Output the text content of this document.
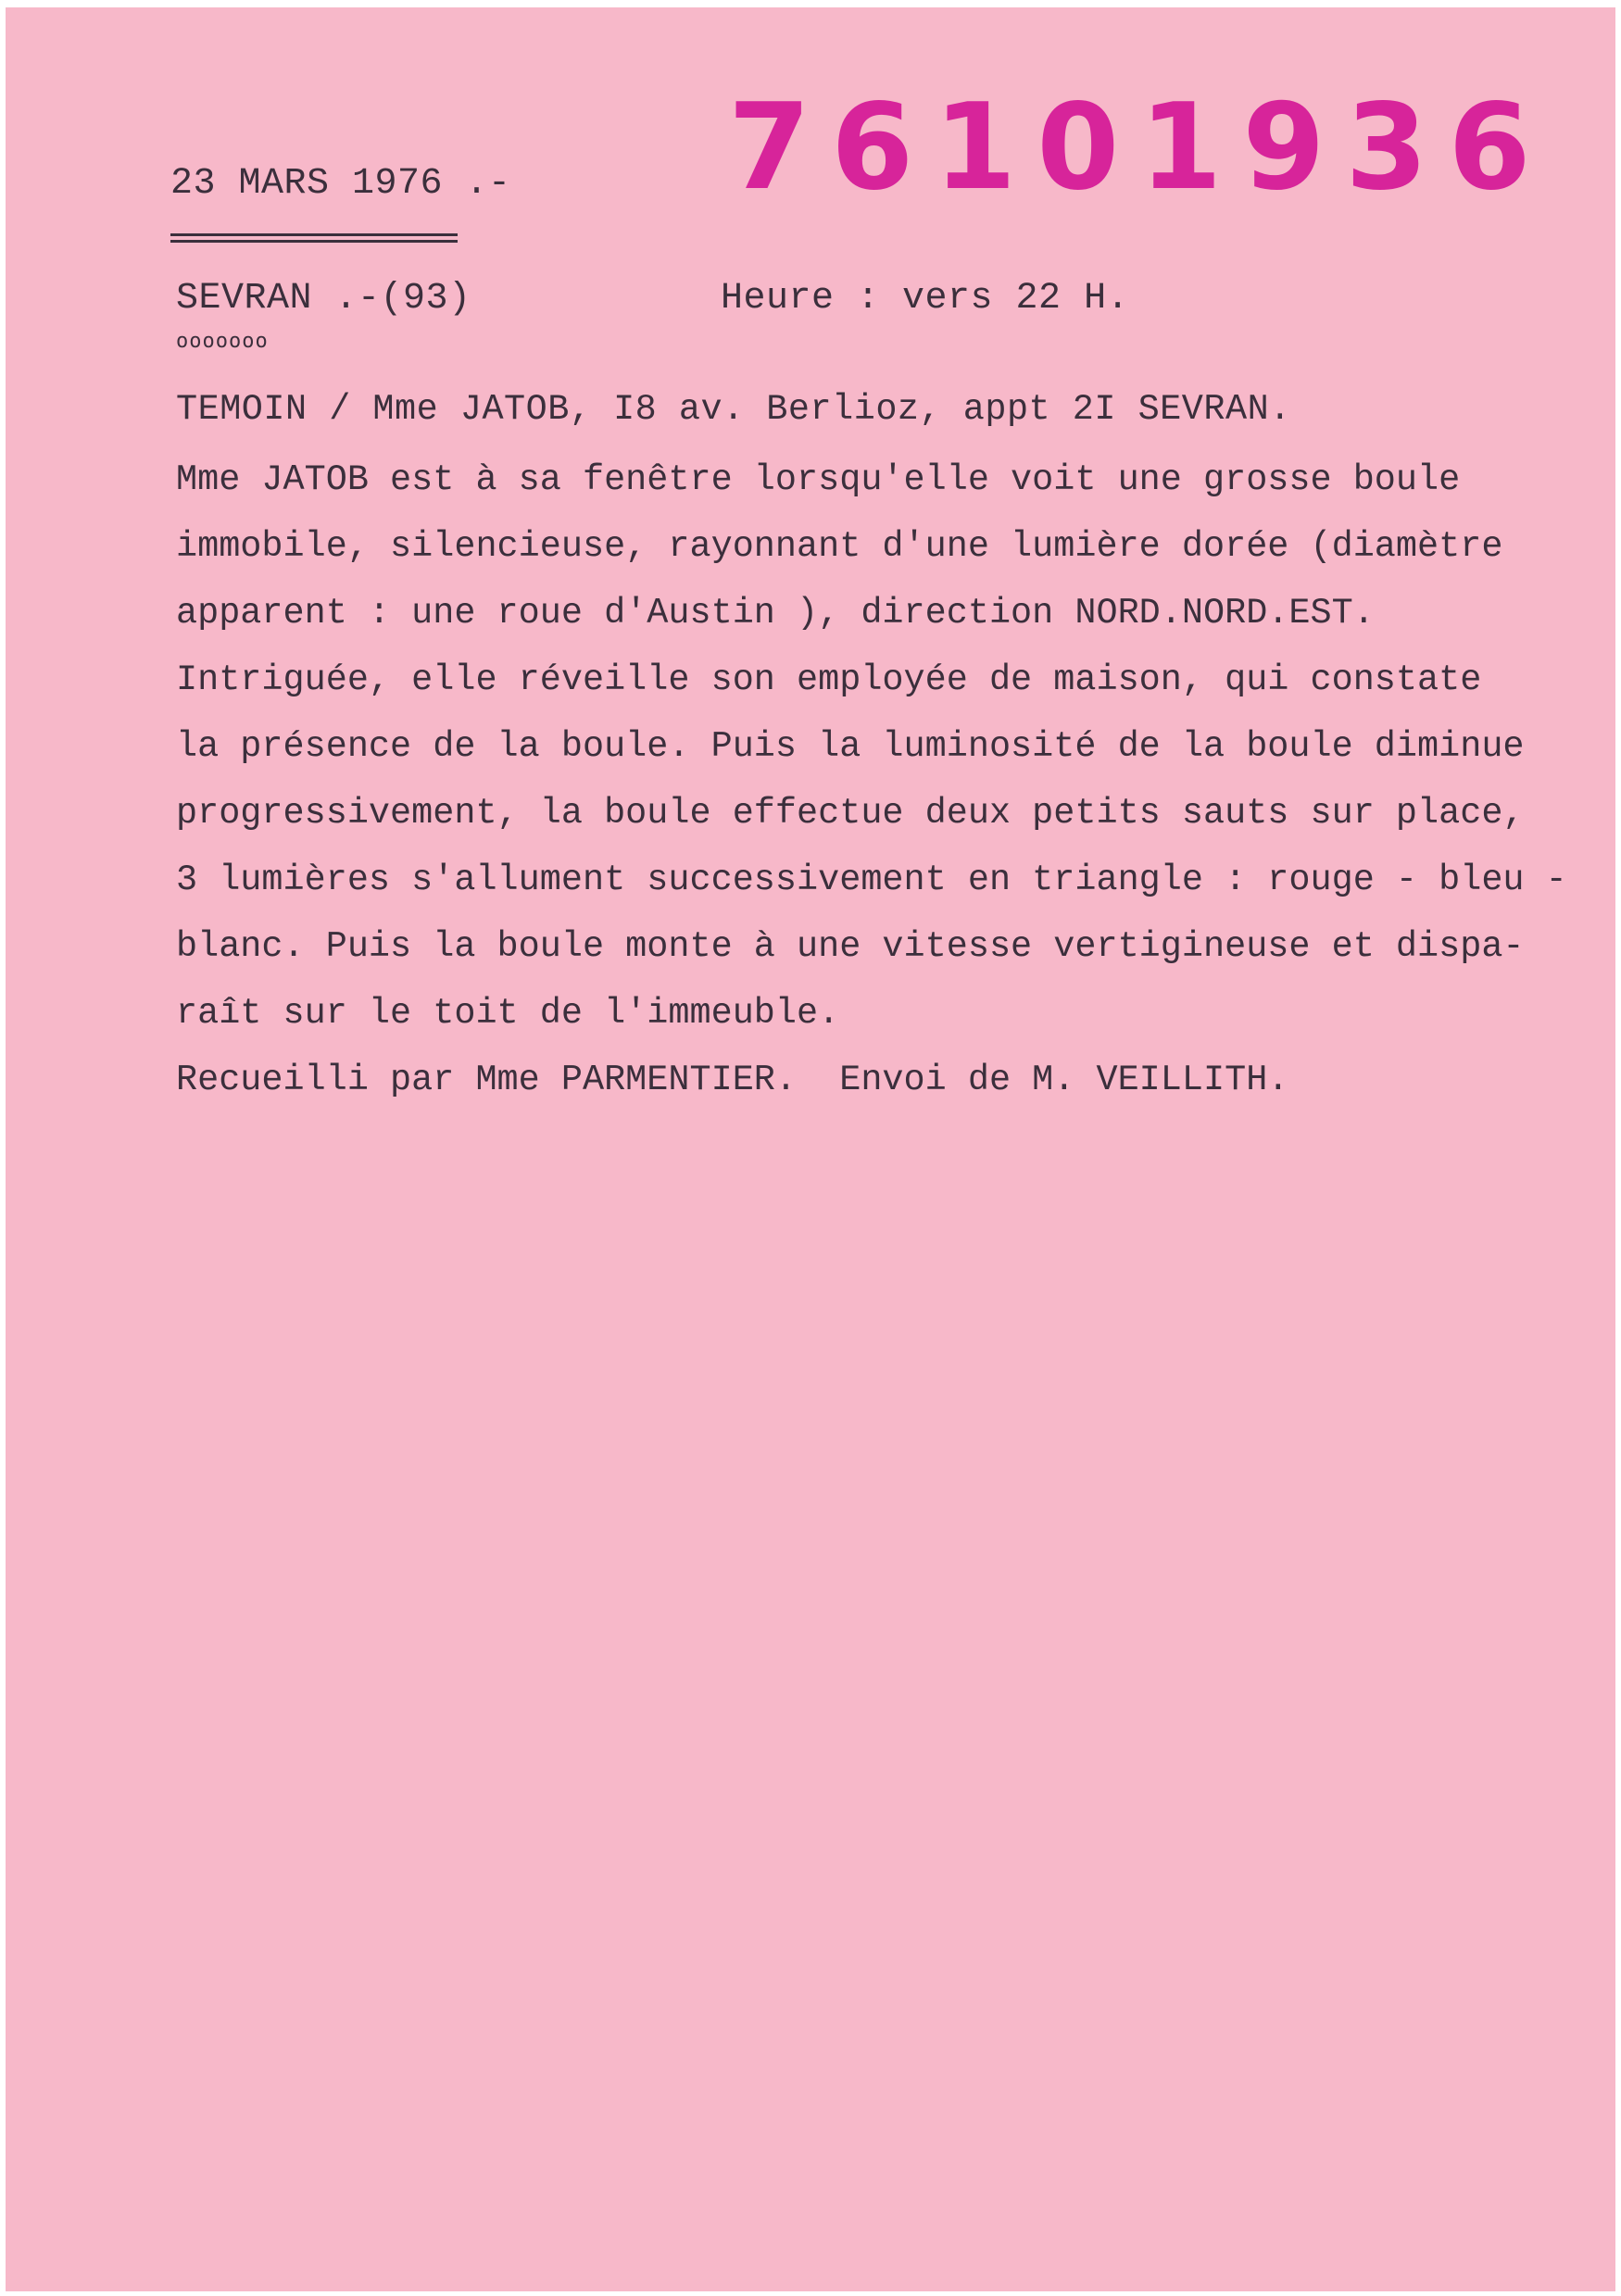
23 MARS 1976 .- 76101936
SEVRAN .-(93)
ooooooo
Heure : vers 22 H.
TEMOIN / Mme JATOB, I8 av. Berlioz, appt 2I SEVRAN.
Mme JATOB est à sa fenêtre lorsqu'elle voit une grosse boule
immobile, silencieuse, rayonnant d'une lumière dorée (diamètre
apparent : une roue d'Austin ), direction NORD.NORD.EST.
Intriguée, elle réveille son employée de maison, qui constate
la présence de la boule. Puis la luminosité de la boule diminue
progressivement, la boule effectue deux petits sauts sur place,
3 lumières s'allument successivement en triangle : rouge - bleu -
blanc. Puis la boule monte à une vitesse vertigineuse et dispa-
raît sur le toit de l'immeuble.
Recueilli par Mme PARMENTIER.  Envoi de M. VEILLITH.
